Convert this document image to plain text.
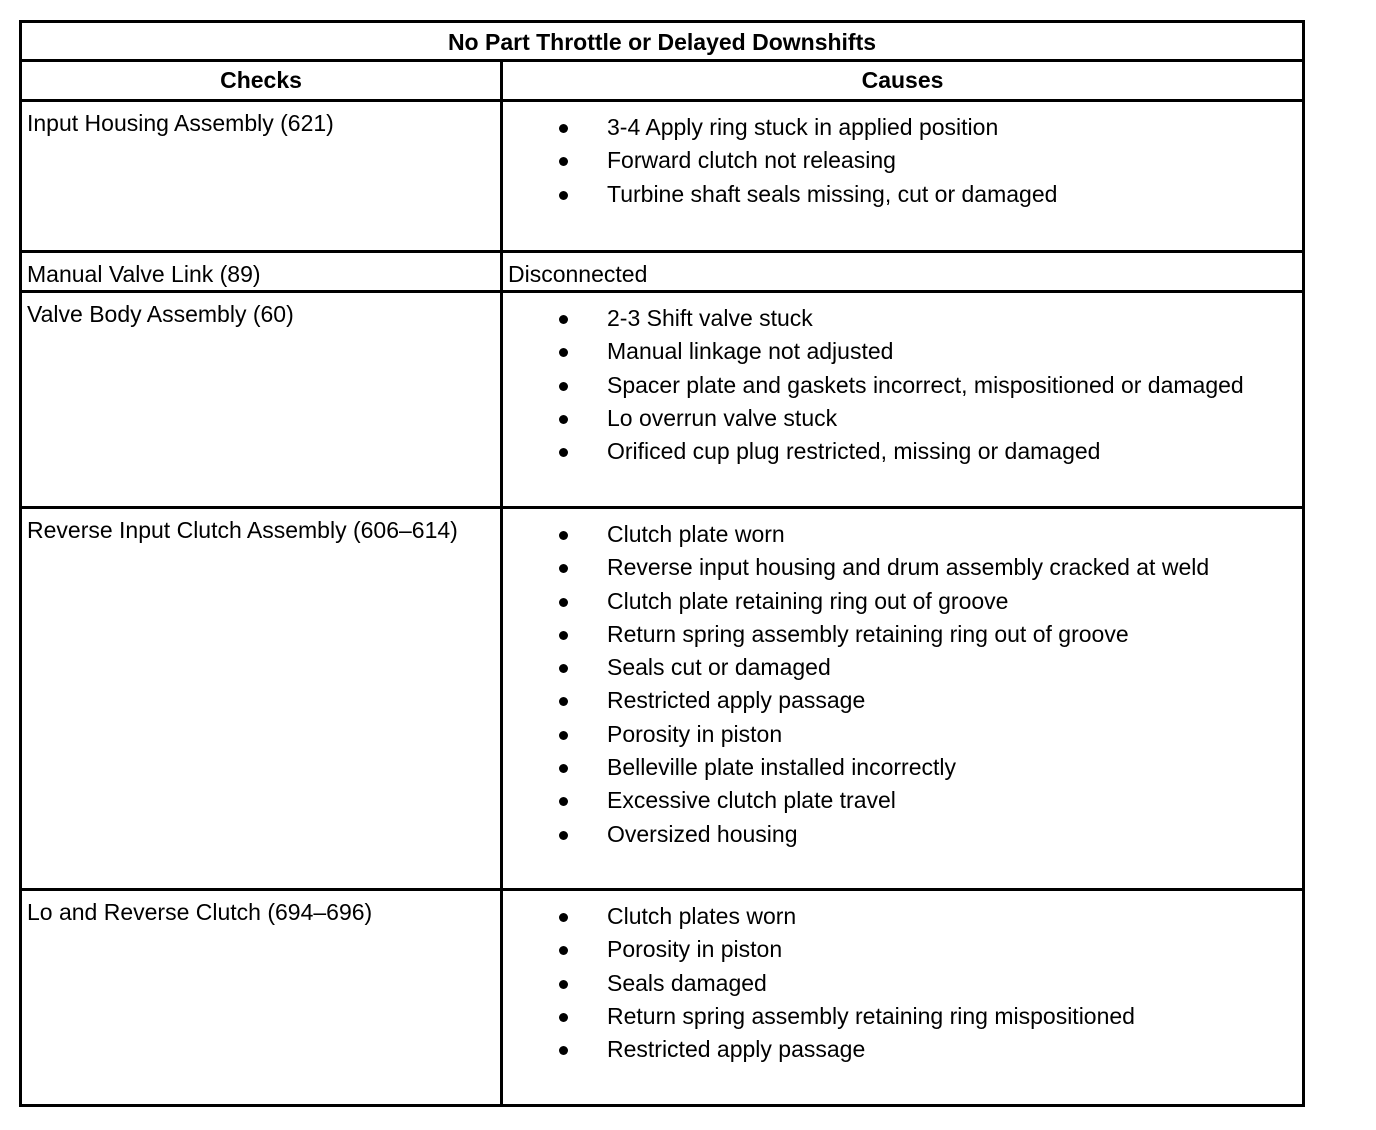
No Part Throttle or Delayed Downshifts
Checks	Causes
Input Housing Assembly (621)	3-4 Apply ring stuck in applied position
Forward clutch not releasing
Turbine shaft seals missing, cut or damaged
Manual Valve Link (89)	Disconnected
Valve Body Assembly (60)	2-3 Shift valve stuck
Manual linkage not adjusted
Spacer plate and gaskets incorrect, mispositioned or damaged
Lo overrun valve stuck
Orificed cup plug restricted, missing or damaged
Reverse Input Clutch Assembly (606–614)	Clutch plate worn
Reverse input housing and drum assembly cracked at weld
Clutch plate retaining ring out of groove
Return spring assembly retaining ring out of groove
Seals cut or damaged
Restricted apply passage
Porosity in piston
Belleville plate installed incorrectly
Excessive clutch plate travel
Oversized housing
Lo and Reverse Clutch (694–696)	Clutch plates worn
Porosity in piston
Seals damaged
Return spring assembly retaining ring mispositioned
Restricted apply passage
